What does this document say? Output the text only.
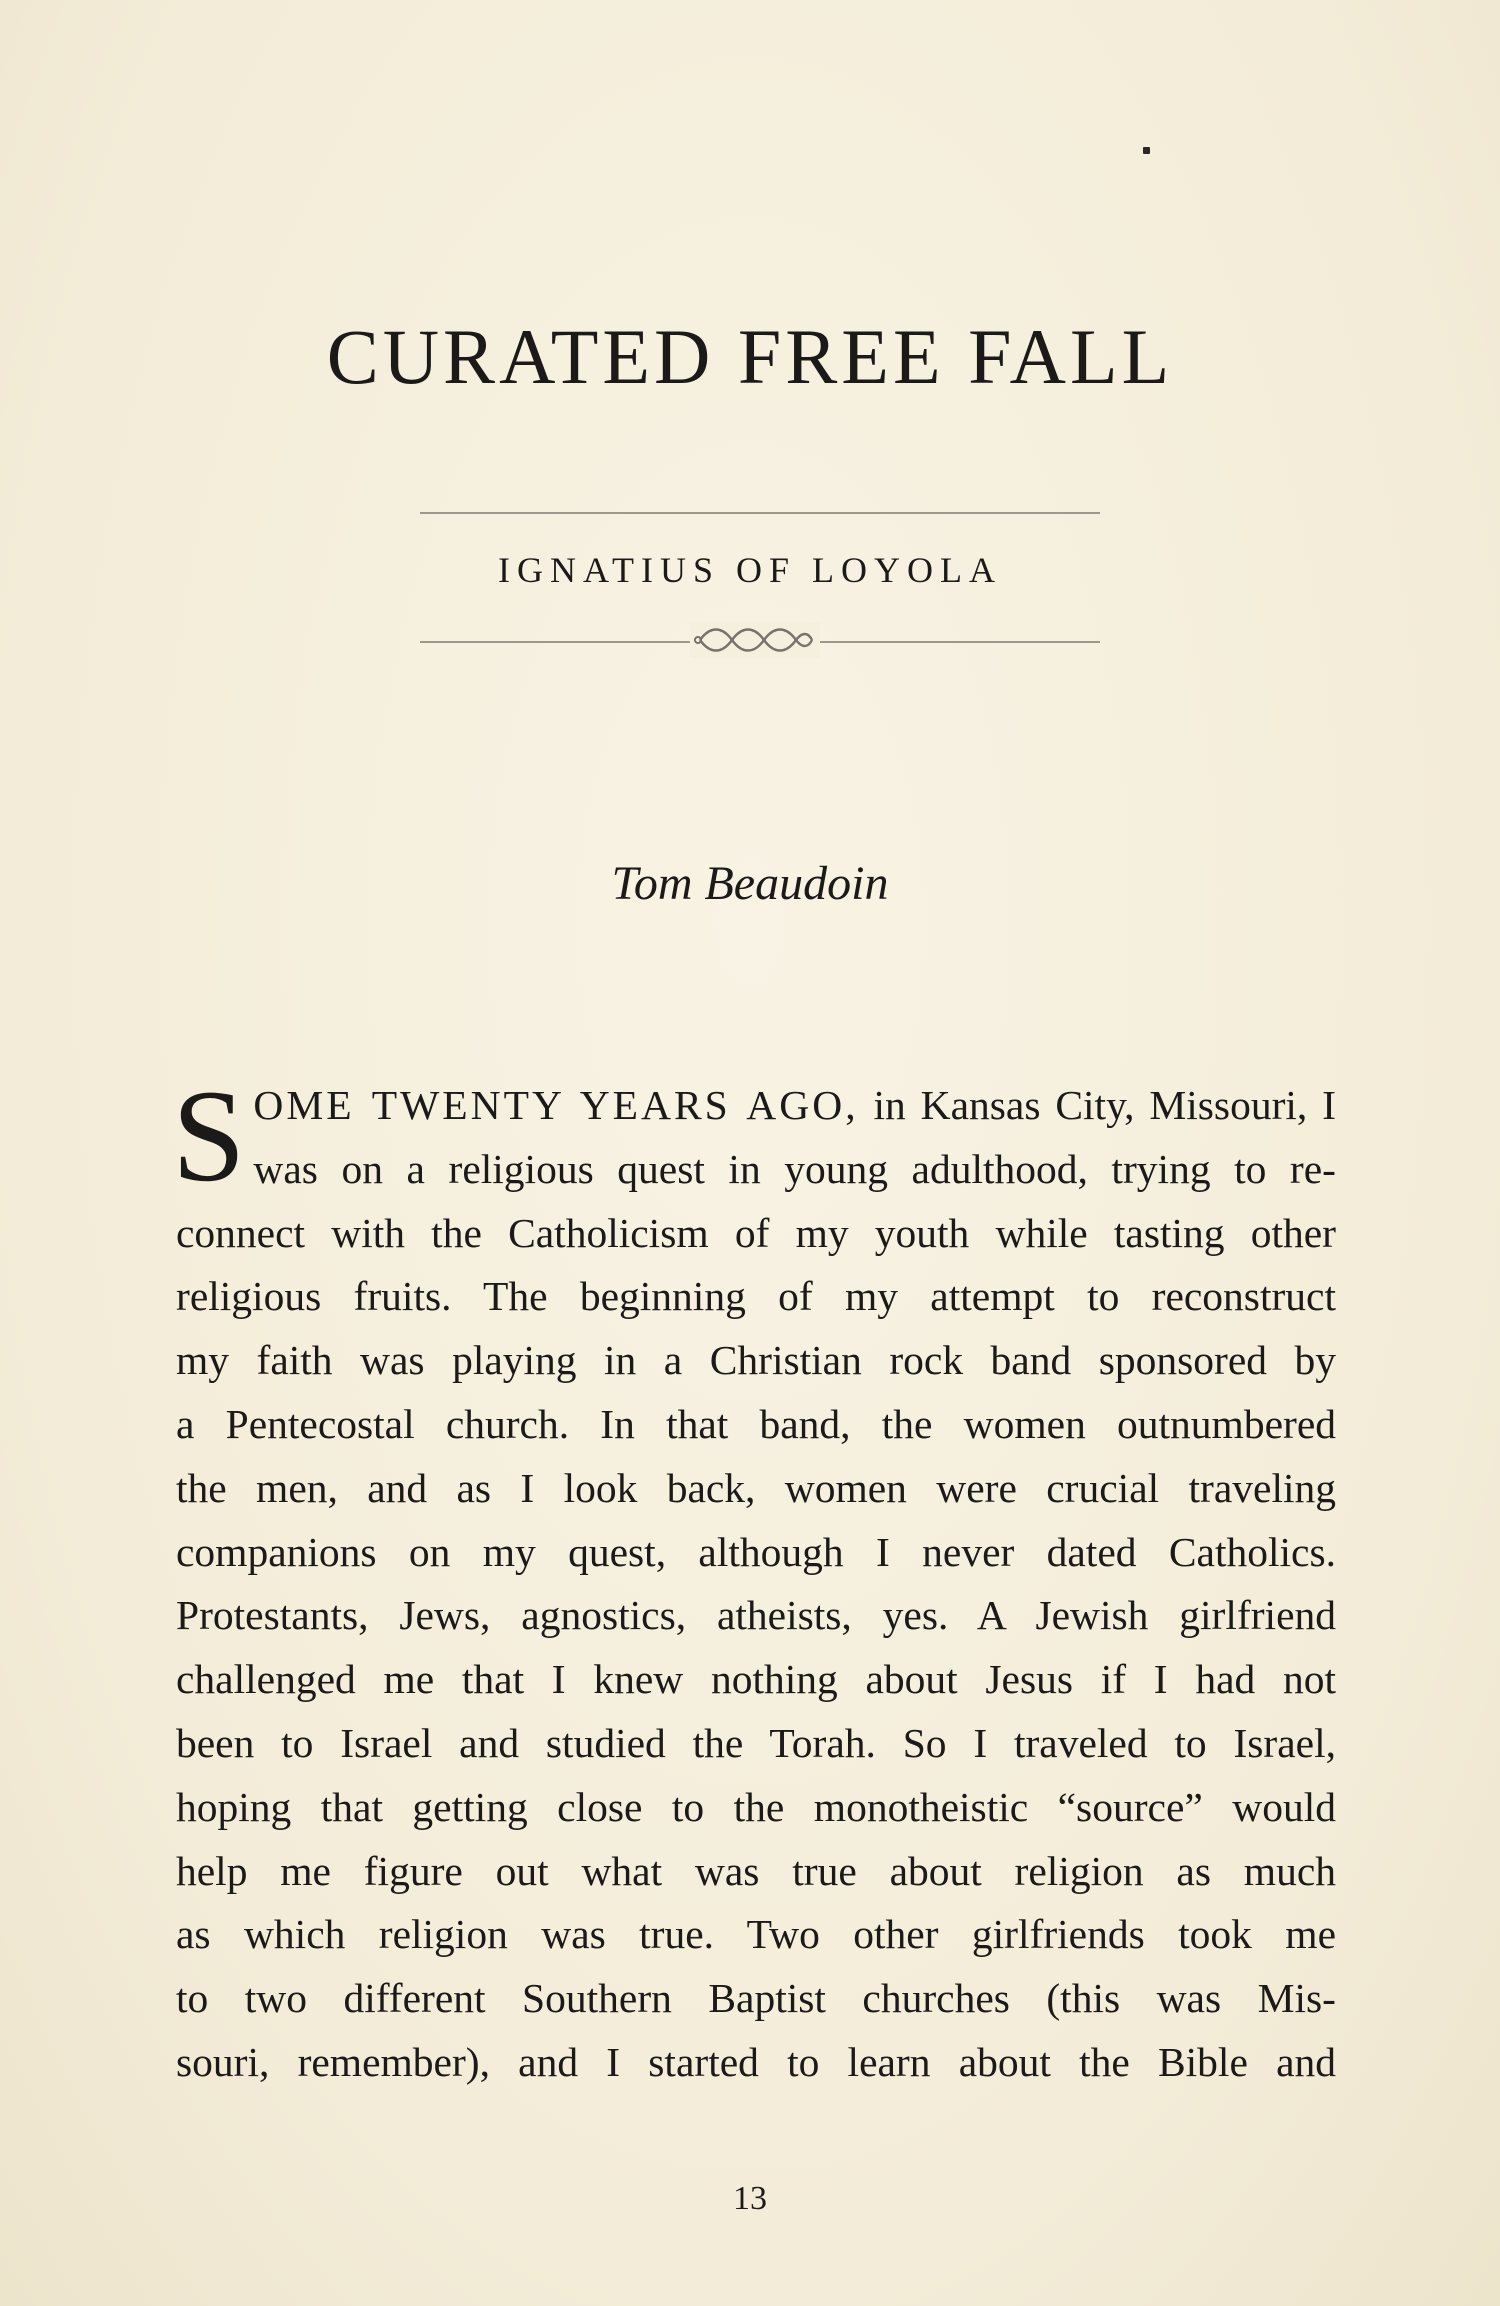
CURATED FREE FALL
IGNATIUS OF LOYOLA
Tom Beaudoin
S OME TWENTY YEARS AGO, in Kansas City, Missouri, I
was on a religious quest in young adulthood, trying to re-
connect with the Catholicism of my youth while tasting other
religious fruits. The beginning of my attempt to reconstruct
my faith was playing in a Christian rock band sponsored by
a Pentecostal church. In that band, the women outnumbered
the men, and as I look back, women were crucial traveling
companions on my quest, although I never dated Catholics.
Protestants, Jews, agnostics, atheists, yes. A Jewish girlfriend
challenged me that I knew nothing about Jesus if I had not
been to Israel and studied the Torah. So I traveled to Israel,
hoping that getting close to the monotheistic “source” would
help me figure out what was true about religion as much
as which religion was true. Two other girlfriends took me
to two different Southern Baptist churches (this was Mis-
souri, remember), and I started to learn about the Bible and
13
